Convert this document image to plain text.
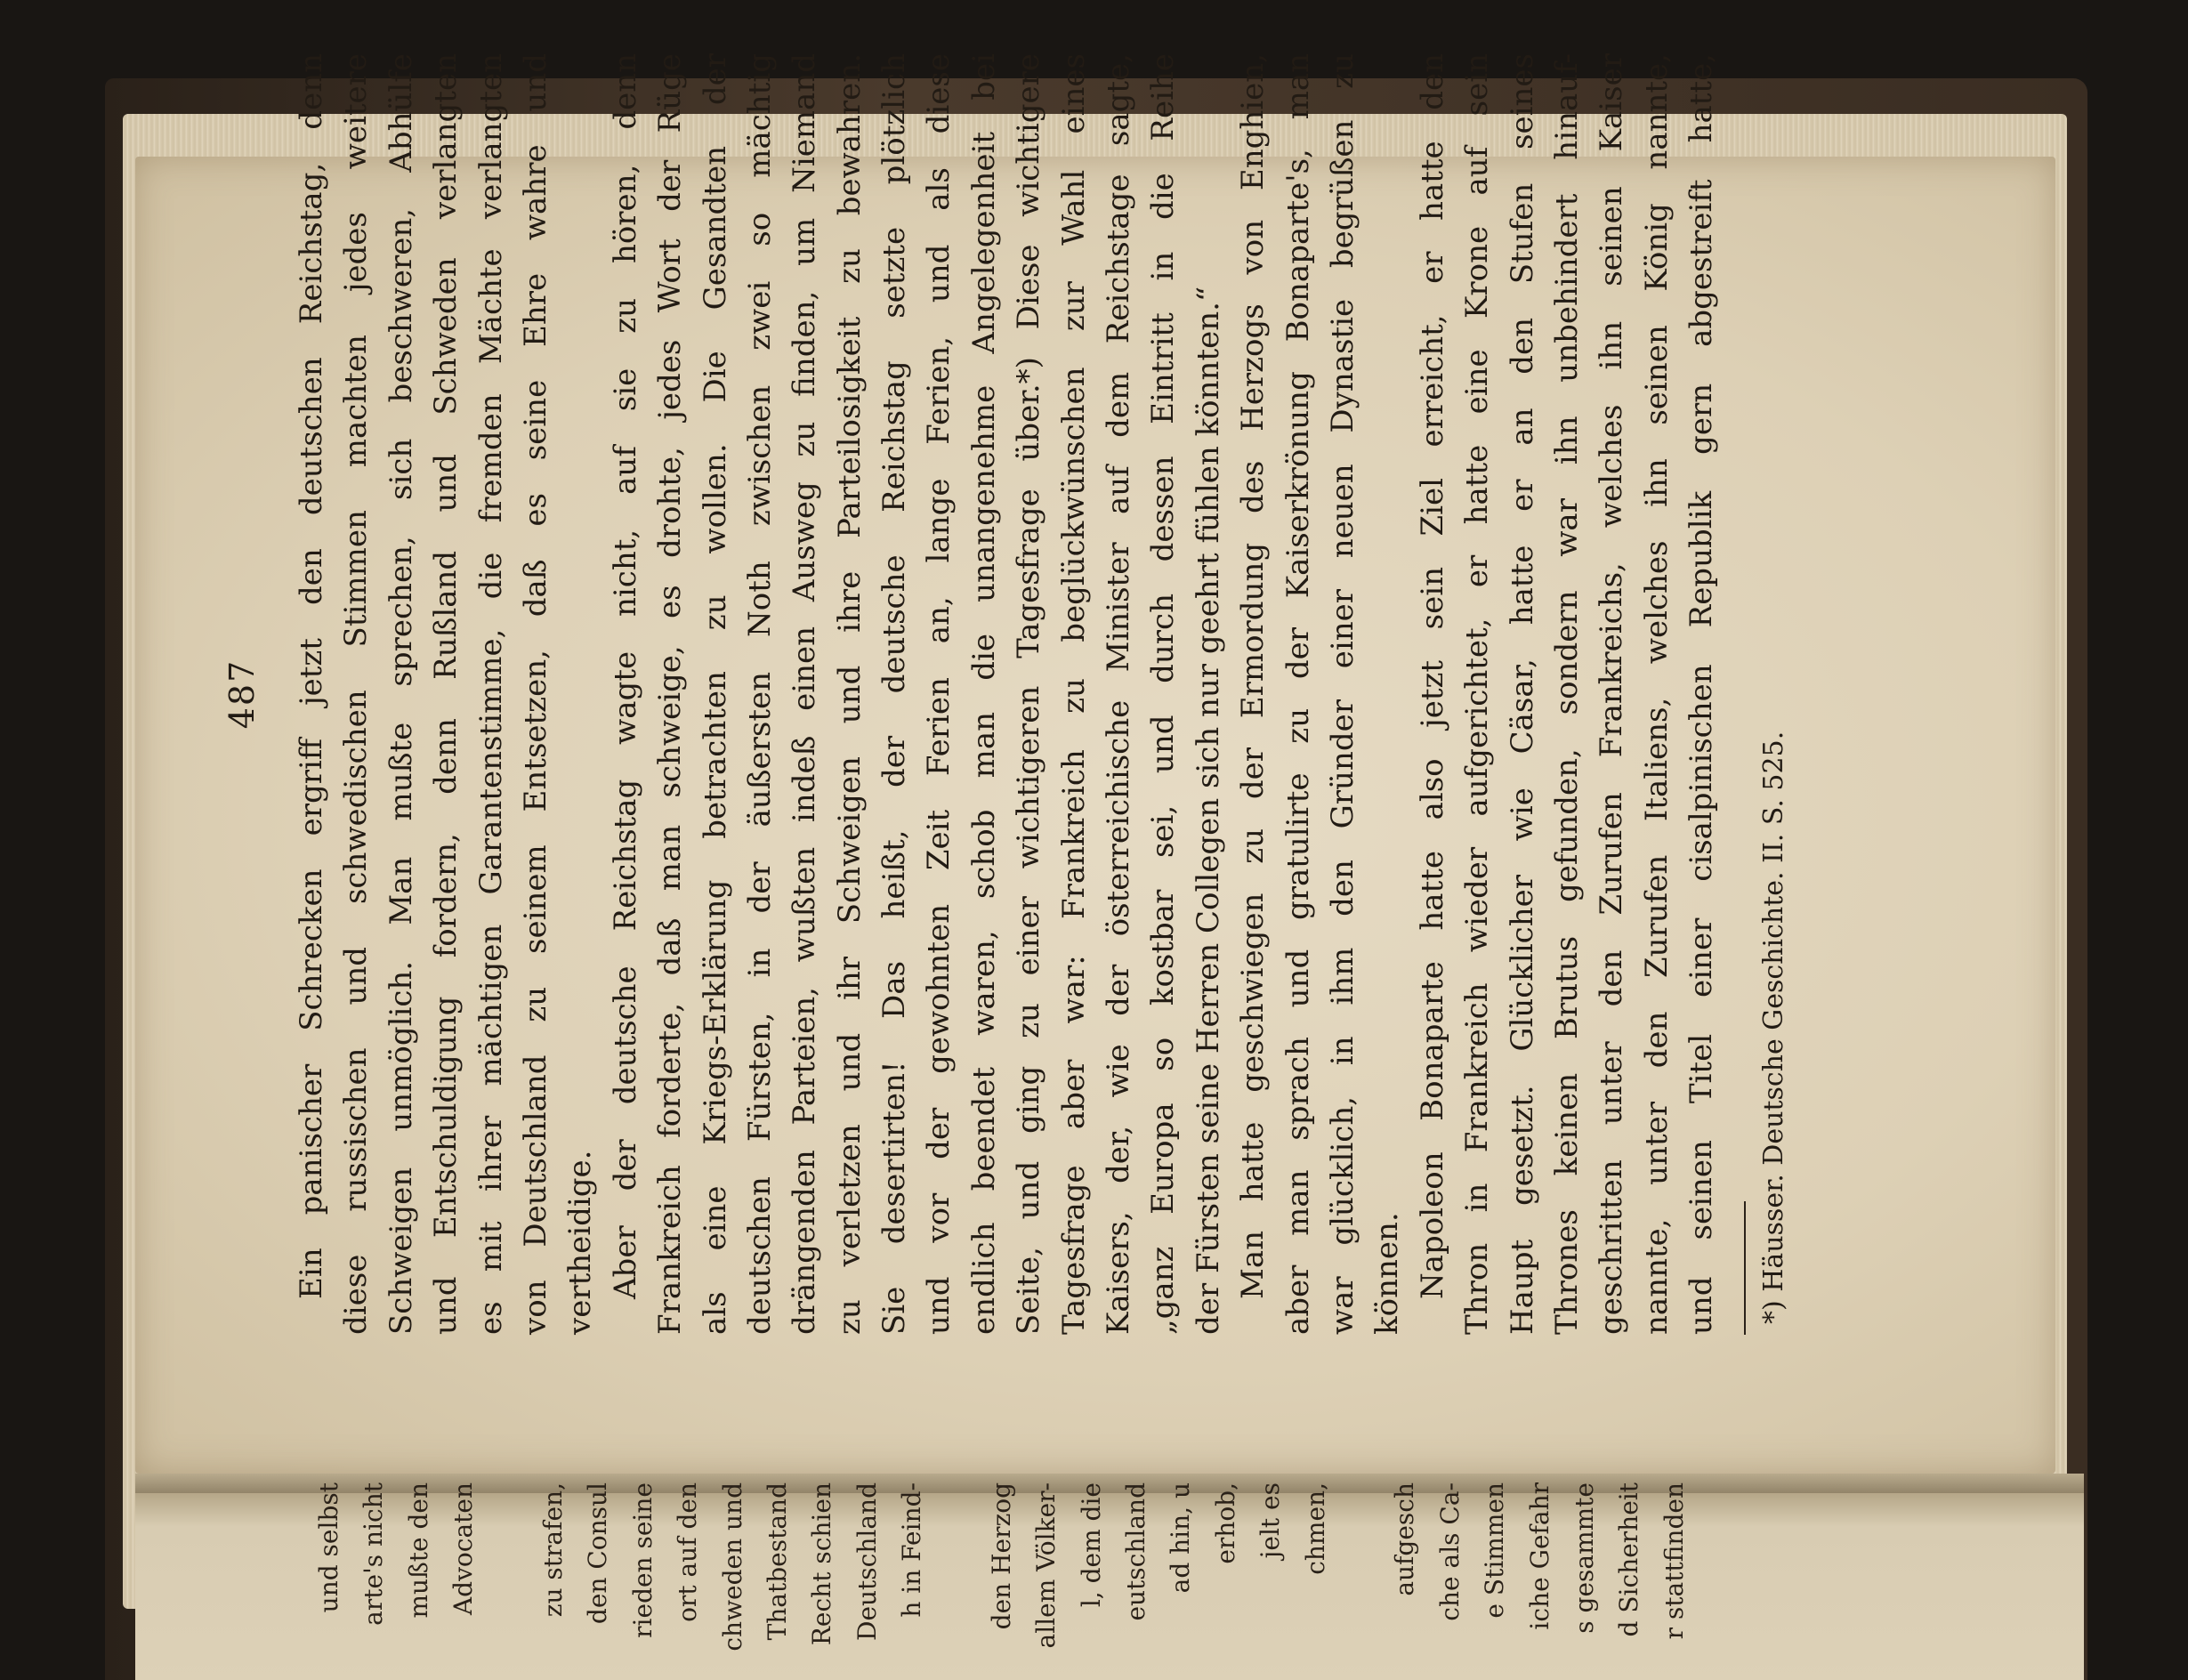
487 Ein panischer Schrecken ergriff jetzt den deutschen Reichstag, denn diese russischen und schwedischen Stimmen machten jedes weitere Schweigen unmöglich. Man mußte sprechen, sich beschweren, Abhülfe und Entschuldigung fordern, denn Rußland und Schweden verlangten es mit ihrer mächtigen Garantenstimme, die fremden Mächte verlangten von Deutschland zu seinem Entsetzen, daß es seine Ehre wahre und vertheidige. Aber der deutsche Reichstag wagte nicht, auf sie zu hören, denn Frankreich forderte, daß man schweige, es drohte, jedes Wort der Rüge als eine Kriegs-Erklärung betrachten zu wollen. Die Gesandten der deutschen Fürsten, in der äußersten Noth zwischen zwei so mächtig drängenden Parteien, wußten indeß einen Ausweg zu finden, um Niemand zu verletzen und ihr Schweigen und ihre Parteilosigkeit zu bewahren. Sie desertirten! Das heißt, der deutsche Reichstag setzte plötzlich und vor der gewohnten Zeit Ferien an, lange Ferien, und als diese endlich beendet waren, schob man die unangenehme Angelegenheit bei Seite, und ging zu einer wichtigeren Tagesfrage über.*) Diese wichtigere Tagesfrage aber war: Frankreich zu beglückwünschen zur Wahl eines Kaisers, der, wie der österreichische Minister auf dem Reichstage sagte, „ganz Europa so kostbar sei, und durch dessen Eintritt in die Reihe der Fürsten seine Herren Collegen sich nur geehrt fühlen könnten.“ Man hatte geschwiegen zu der Ermordung des Herzogs von Enghien, aber man sprach und gratulirte zu der Kaiserkrönung Bonaparte's, man war glücklich, in ihm den Gründer einer neuen Dynastie begrüßen zu können. Napoleon Bonaparte hatte also jetzt sein Ziel erreicht, er hatte den Thron in Frankreich wieder aufgerichtet, er hatte eine Krone auf sein Haupt gesetzt. Glücklicher wie Cäsar, hatte er an den Stufen seines Thrones keinen Brutus gefunden, sondern war ihn unbehindert hinauf- geschritten unter den Zurufen Frankreichs, welches ihn seinen Kaiser nannte, unter den Zurufen Italiens, welches ihn seinen König nannte, und seinen Titel einer cisalpinischen Republik gern abgestreift hatte, *) Häusser. Deutsche Geschichte. II. S. 525.
und selbst arte's nicht mußte den Advocaten	zu strafen, den Consul rieden seine ort auf den chweden und Thatbestand Recht schien Deutschland h in Feind-	den Herzog allem Völker- l, dem die eutschland ad hin, u erhob, jelt es chmen,	aufgesch che als Ca- e Stimmen iche Gefahr s gesammte d Sicherheit r stattfinden
